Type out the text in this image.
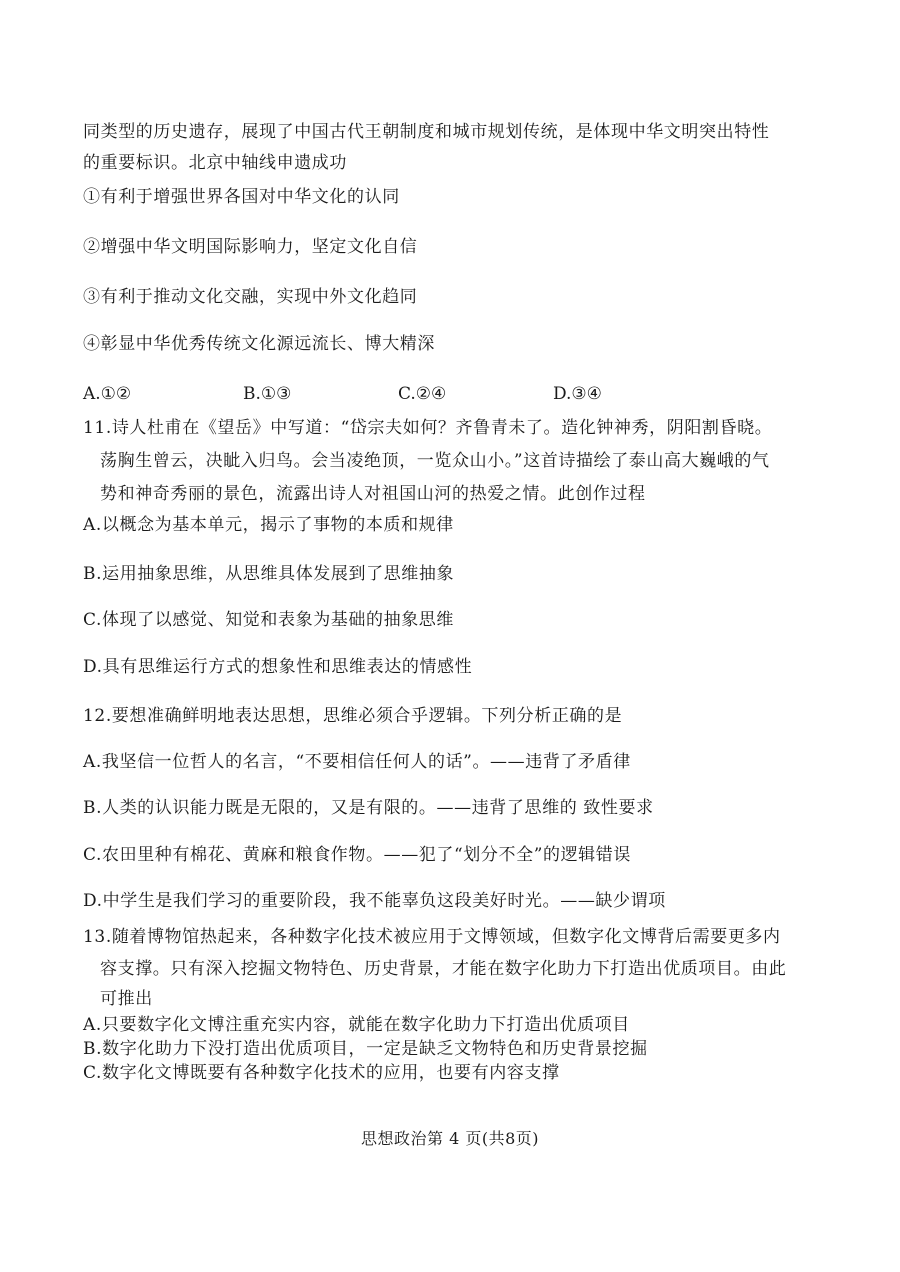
同类型的历史遗存，展现了中国古代王朝制度和城市规划传统，是体现中华文明突出特性
的重要标识。北京中轴线申遗成功
①有利于增强世界各国对中华文化的认同
②增强中华文明国际影响力，坚定文化自信
③有利于推动文化交融，实现中外文化趋同
④彰显中华优秀传统文化源远流长、博大精深
A.①②	B.①③	C.②④	D.③④
11.诗人杜甫在《望岳》中写道：“岱宗夫如何？齐鲁青未了。造化钟神秀，阴阳割昏晓。
荡胸生曾云，决眦入归鸟。会当凌绝顶，一览众山小。”这首诗描绘了泰山高大巍峨的气
势和神奇秀丽的景色，流露出诗人对祖国山河的热爱之情。此创作过程
A.以概念为基本单元，揭示了事物的本质和规律
B.运用抽象思维，从思维具体发展到了思维抽象
C.体现了以感觉、知觉和表象为基础的抽象思维
D.具有思维运行方式的想象性和思维表达的情感性
12.要想准确鲜明地表达思想，思维必须合乎逻辑。下列分析正确的是
A.我坚信一位哲人的名言，“不要相信任何人的话”。——违背了矛盾律
B.人类的认识能力既是无限的，又是有限的。——违背了思维的 致性要求
C.农田里种有棉花、黄麻和粮食作物。——犯了“划分不全”的逻辑错误
D.中学生是我们学习的重要阶段，我不能辜负这段美好时光。——缺少谓项
13.随着博物馆热起来，各种数字化技术被应用于文博领域，但数字化文博背后需要更多内
容支撑。只有深入挖掘文物特色、历史背景，才能在数字化助力下打造出优质项目。由此
可推出
A.只要数字化文博注重充实内容，就能在数字化助力下打造出优质项目
B.数字化助力下没打造出优质项目，一定是缺乏文物特色和历史背景挖掘
C.数字化文博既要有各种数字化技术的应用，也要有内容支撑
思想政治第 4 页(共8页)
